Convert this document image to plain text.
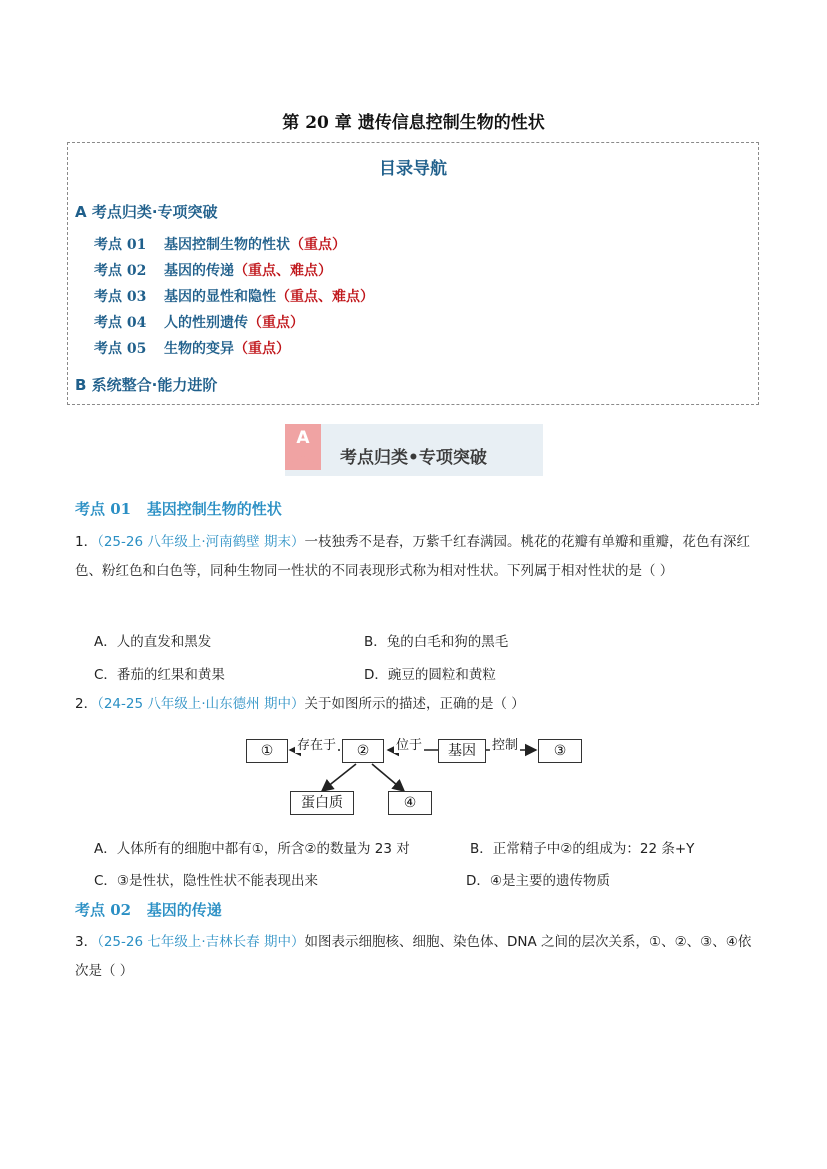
第 20 章 遗传信息控制生物的性状
目录导航
A 考点归类·专项突破
考点 01 基因控制生物的性状（重点）
考点 02 基因的传递（重点、难点）
考点 03 基因的显性和隐性（重点、难点）
考点 04 人的性别遗传（重点）
考点 05 生物的变异（重点）
B 系统整合·能力进阶
A
考点归类•专项突破
考点 01 基因控制生物的性状
1．（25-26 八年级上·河南鹤壁 期末）一枝独秀不是春，万紫千红春满园。桃花的花瓣有单瓣和重瓣，花色有深红色、粉红色和白色等，同种生物同一性状的不同表现形式称为相对性状。下列属于相对性状的是（ ）
A．人的直发和黑发	B．兔的白毛和狗的黑毛
C．番茄的红果和黄果	D．豌豆的圆粒和黄粒
2．（24-25 八年级上·山东德州 期中）关于如图所示的描述，正确的是（ ）
①	②	基因	③
蛋白质	④
存在于	位于	控制
A．人体所有的细胞中都有①，所含②的数量为 23 对	B．正常精子中②的组成为：22 条+Y
C．③是性状，隐性性状不能表现出来	D．④是主要的遗传物质
考点 02 基因的传递
3．（25-26 七年级上·吉林长春 期中）如图表示细胞核、细胞、染色体、DNA 之间的层次关系，①、②、③、④依次是（ ）
